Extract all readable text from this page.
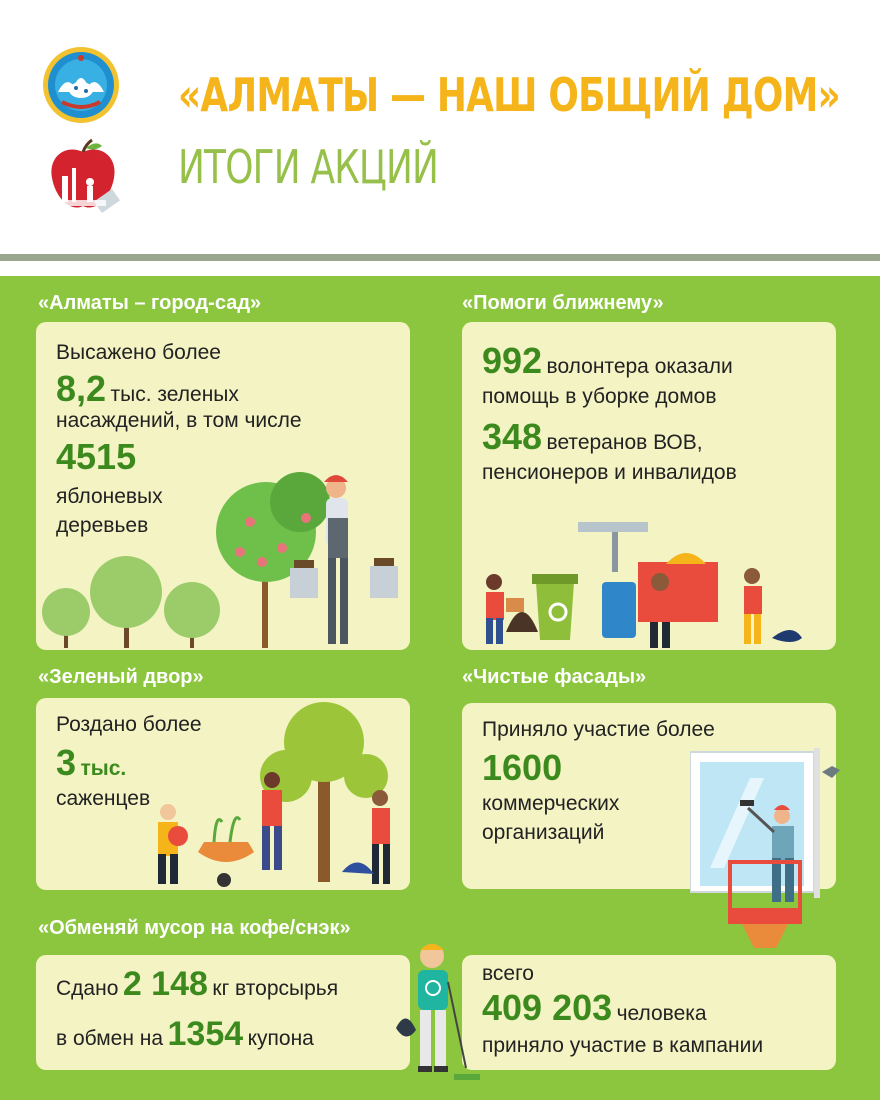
«АЛМАТЫ — НАШ ОБЩИЙ ДОМ»
ИТОГИ АКЦИЙ
«Алматы – город-сад»
Высажено более
8,2 тыс. зеленых
насаждений, в том числе
4515
яблоневых
деревьев
«Помоги ближнему»
992 волонтера оказали
помощь в уборке домов
348 ветеранов ВОВ,
пенсионеров и инвалидов
«Зеленый двор»
Роздано более
3 тыс.
саженцев
«Чистые фасады»
Приняло участие более
1600
коммерческих
организаций
«Обменяй мусор на кофе/снэк»
Сдано 2 148 кг вторсырья
в обмен на 1354 купона
всего
409 203 человека
приняло участие в кампании
